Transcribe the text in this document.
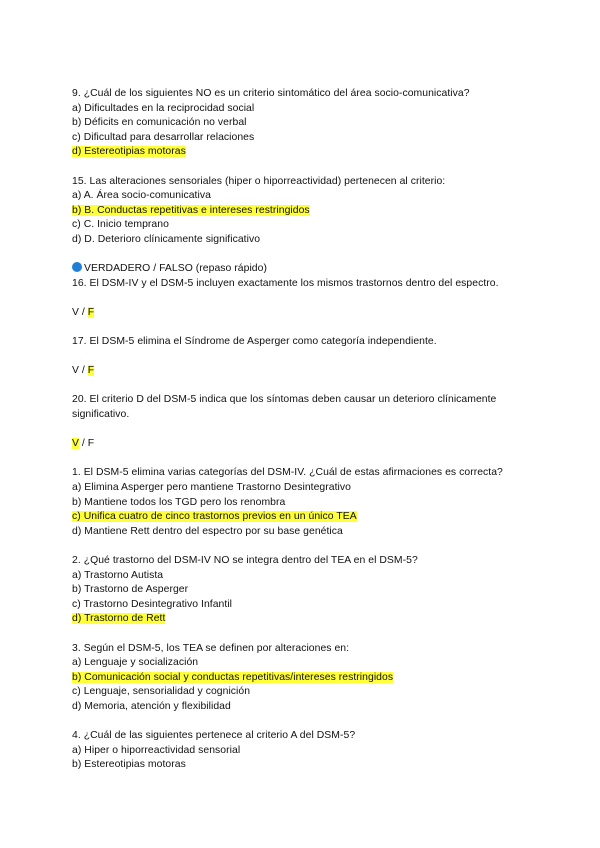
9. ¿Cuál de los siguientes NO es un criterio sintomático del área socio-comunicativa?
a) Dificultades en la reciprocidad social
b) Déficits en comunicación no verbal
c) Dificultad para desarrollar relaciones
d) Estereotipias motoras
15. Las alteraciones sensoriales (hiper o hiporreactividad) pertenecen al criterio:
a) A. Área socio-comunicativa
b) B. Conductas repetitivas e intereses restringidos
c) C. Inicio temprano
d) D. Deterioro clínicamente significativo
VERDADERO / FALSO (repaso rápido)
16. El DSM-IV y el DSM-5 incluyen exactamente los mismos trastornos dentro del espectro.
V / F
17. El DSM-5 elimina el Síndrome de Asperger como categoría independiente.
V / F
20. El criterio D del DSM-5 indica que los síntomas deben causar un deterioro clínicamente significativo.
V / F
1. El DSM-5 elimina varias categorías del DSM-IV. ¿Cuál de estas afirmaciones es correcta?
a) Elimina Asperger pero mantiene Trastorno Desintegrativo
b) Mantiene todos los TGD pero los renombra
c) Unifica cuatro de cinco trastornos previos en un único TEA
d) Mantiene Rett dentro del espectro por su base genética
2. ¿Qué trastorno del DSM-IV NO se integra dentro del TEA en el DSM-5?
a) Trastorno Autista
b) Trastorno de Asperger
c) Trastorno Desintegrativo Infantil
d) Trastorno de Rett
3. Según el DSM-5, los TEA se definen por alteraciones en:
a) Lenguaje y socialización
b) Comunicación social y conductas repetitivas/intereses restringidos
c) Lenguaje, sensorialidad y cognición
d) Memoria, atención y flexibilidad
4. ¿Cuál de las siguientes pertenece al criterio A del DSM-5?
a) Hiper o hiporreactividad sensorial
b) Estereotipias motoras
